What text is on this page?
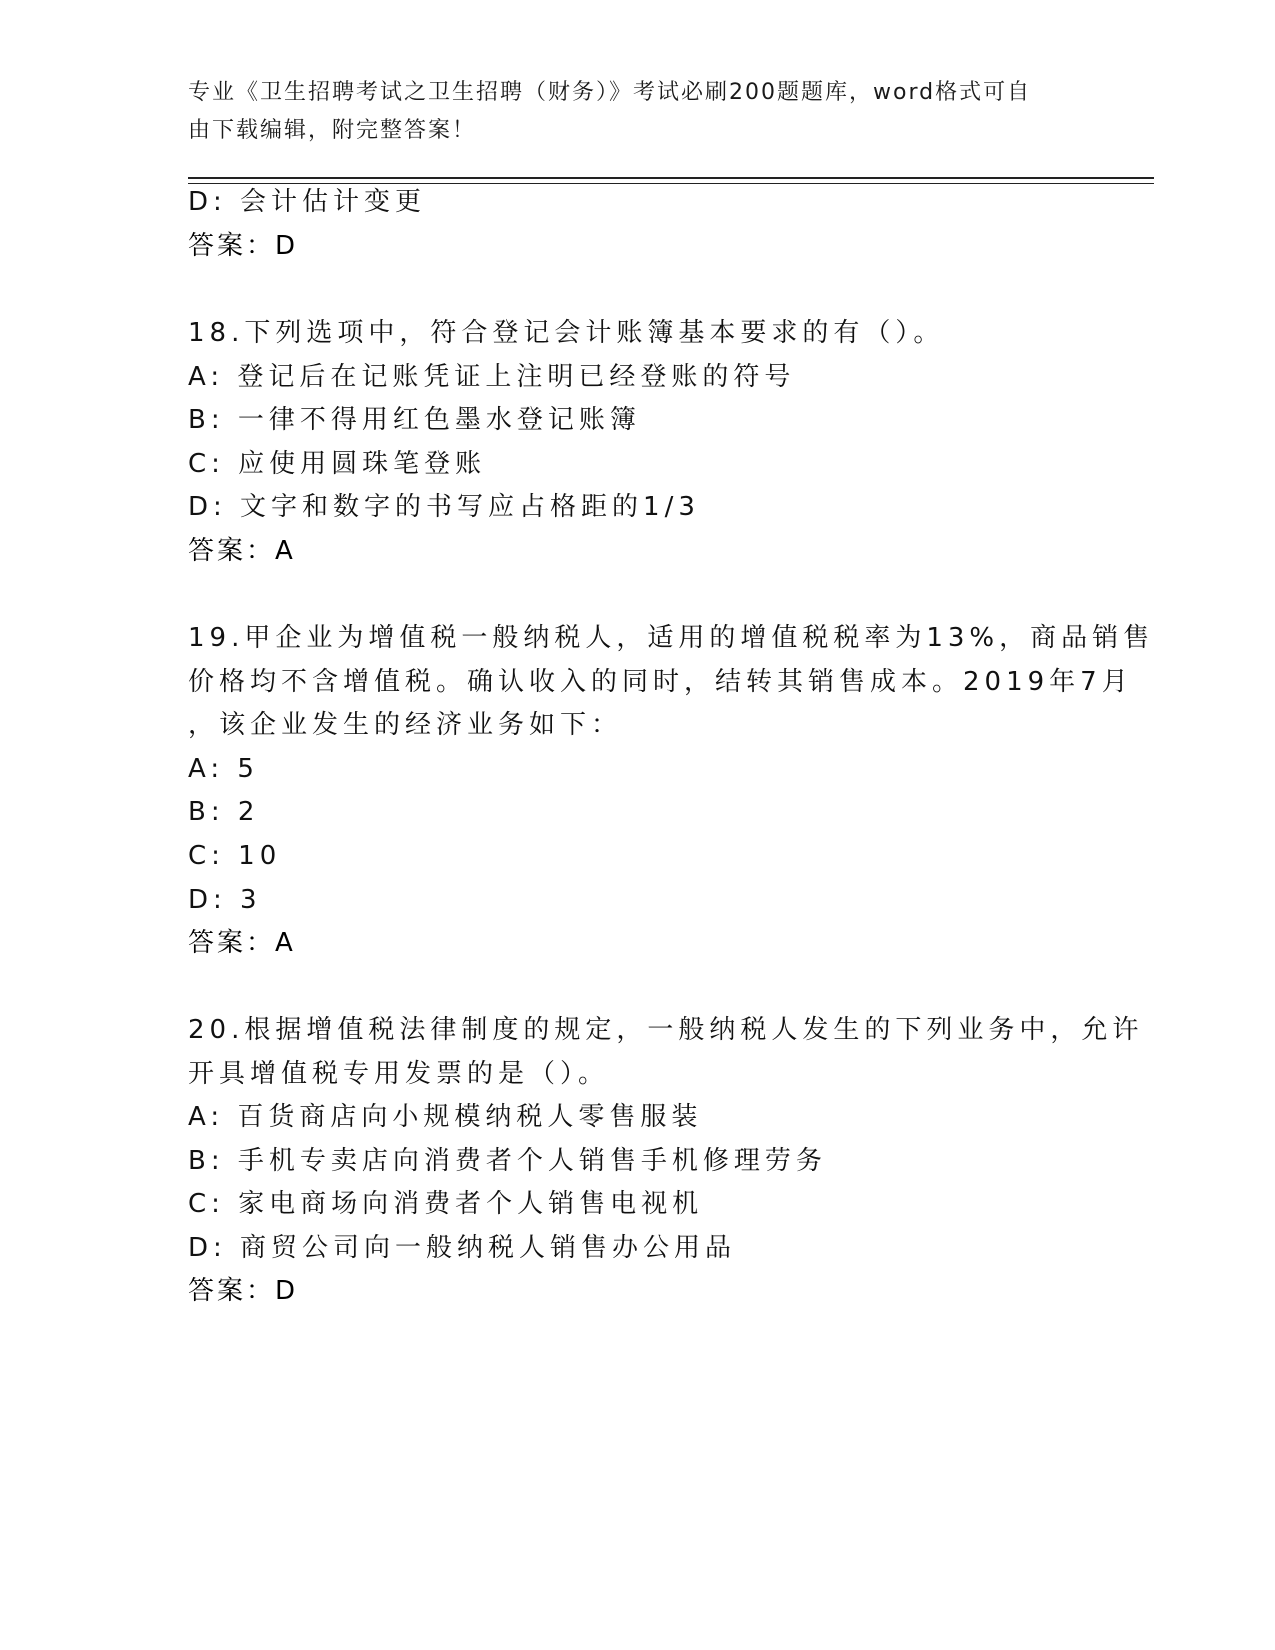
专业《卫生招聘考试之卫生招聘（财务）》考试必刷200题题库，word格式可自
由下载编辑，附完整答案！
D: 会计估计变更
答案：D
18.下列选项中，符合登记会计账簿基本要求的有（）。
A: 登记后在记账凭证上注明已经登账的符号
B: 一律不得用红色墨水登记账簿
C: 应使用圆珠笔登账
D: 文字和数字的书写应占格距的1/3
答案：A
19.甲企业为增值税一般纳税人，适用的增值税税率为13%，商品销售
价格均不含增值税。确认收入的同时，结转其销售成本。2019年7月
，该企业发生的经济业务如下：
A: 5
B: 2
C: 10
D: 3
答案：A
20.根据增值税法律制度的规定，一般纳税人发生的下列业务中，允许
开具增值税专用发票的是（）。
A: 百货商店向小规模纳税人零售服装
B: 手机专卖店向消费者个人销售手机修理劳务
C: 家电商场向消费者个人销售电视机
D: 商贸公司向一般纳税人销售办公用品
答案：D
